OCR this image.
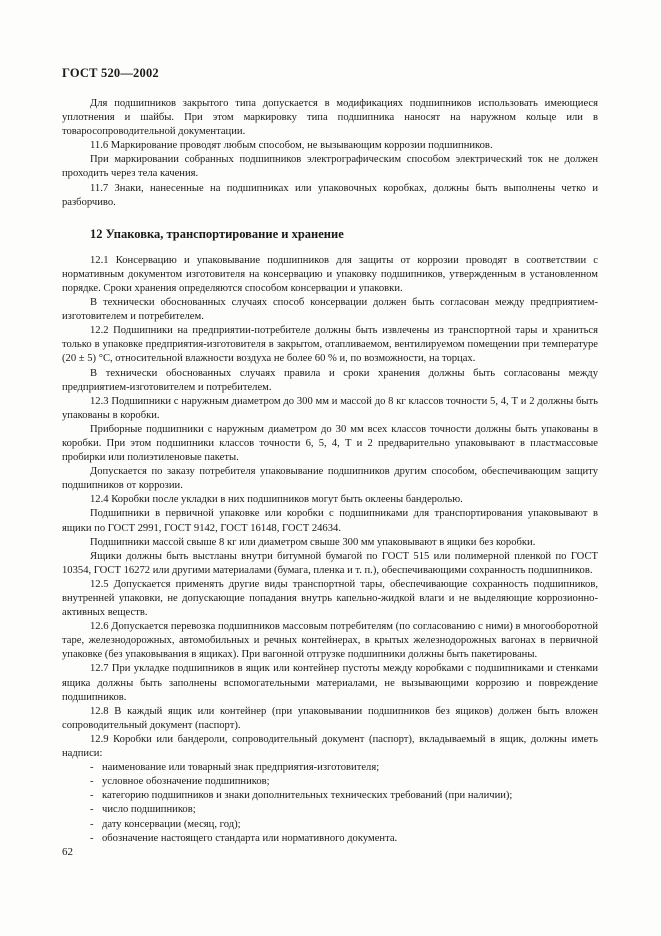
ГОСТ 520—2002

Для подшипников закрытого типа допускается в модификациях подшипников использовать имеющиеся уплотнения и шайбы. При этом маркировку типа подшипника наносят на наружном кольце или в товаросопроводительной документации.

11.6 Маркирование проводят любым способом, не вызывающим коррозии подшипников.

При маркировании собранных подшипников электрографическим способом электрический ток не должен проходить через тела качения.

11.7 Знаки, нанесенные на подшипниках или упаковочных коробках, должны быть выполнены четко и разборчиво.

12 Упаковка, транспортирование и хранение

12.1 Консервацию и упаковывание подшипников для защиты от коррозии проводят в соответствии с нормативным документом изготовителя на консервацию и упаковку подшипников, утвержденным в установленном порядке. Сроки хранения определяются способом консервации и упаковки.

В технически обоснованных случаях способ консервации должен быть согласован между предприятием-изготовителем и потребителем.

12.2 Подшипники на предприятии-потребителе должны быть извлечены из транспортной тары и храниться только в упаковке предприятия-изготовителя в закрытом, отапливаемом, вентилируемом помещении при температуре (20 ± 5) °С, относительной влажности воздуха не более 60 % и, по возможности, на торцах.

В технически обоснованных случаях правила и сроки хранения должны быть согласованы между предприятием-изготовителем и потребителем.

12.3 Подшипники с наружным диаметром до 300 мм и массой до 8 кг классов точности 5, 4, Т и 2 должны быть упакованы в коробки.

Приборные подшипники с наружным диаметром до 30 мм всех классов точности должны быть упакованы в коробки. При этом подшипники классов точности 6, 5, 4, Т и 2 предварительно упаковывают в пластмассовые пробирки или полиэтиленовые пакеты.

Допускается по заказу потребителя упаковывание подшипников другим способом, обеспечивающим защиту подшипников от коррозии.

12.4 Коробки после укладки в них подшипников могут быть оклеены бандеролью.

Подшипники в первичной упаковке или коробки с подшипниками для транспортирования упаковывают в ящики по ГОСТ 2991, ГОСТ 9142, ГОСТ 16148, ГОСТ 24634.

Подшипники массой свыше 8 кг или диаметром свыше 300 мм упаковывают в ящики без коробки.

Ящики должны быть выстланы внутри битумной бумагой по ГОСТ 515 или полимерной пленкой по ГОСТ 10354, ГОСТ 16272 или другими материалами (бумага, пленка и т. п.), обеспечивающими сохранность подшипников.

12.5 Допускается применять другие виды транспортной тары, обеспечивающие сохранность подшипников, внутренней упаковки, не допускающие попадания внутрь капельно-жидкой влаги и не выделяющие коррозионно-активных веществ.

12.6 Допускается перевозка подшипников массовым потребителям (по согласованию с ними) в многооборотной таре, железнодорожных, автомобильных и речных контейнерах, в крытых железнодорожных вагонах в первичной упаковке (без упаковывания в ящиках). При вагонной отгрузке подшипники должны быть пакетированы.

12.7 При укладке подшипников в ящик или контейнер пустоты между коробками с подшипниками и стенками ящика должны быть заполнены вспомогательными материалами, не вызывающими коррозию и повреждение подшипников.

12.8 В каждый ящик или контейнер (при упаковывании подшипников без ящиков) должен быть вложен сопроводительный документ (паспорт).

12.9 Коробки или бандероли, сопроводительный документ (паспорт), вкладываемый в ящик, должны иметь надписи:

- наименование или товарный знак предприятия-изготовителя;
- условное обозначение подшипников;
- категорию подшипников и знаки дополнительных технических требований (при наличии);
- число подшипников;
- дату консервации (месяц, год);
- обозначение настоящего стандарта или нормативного документа.
62
